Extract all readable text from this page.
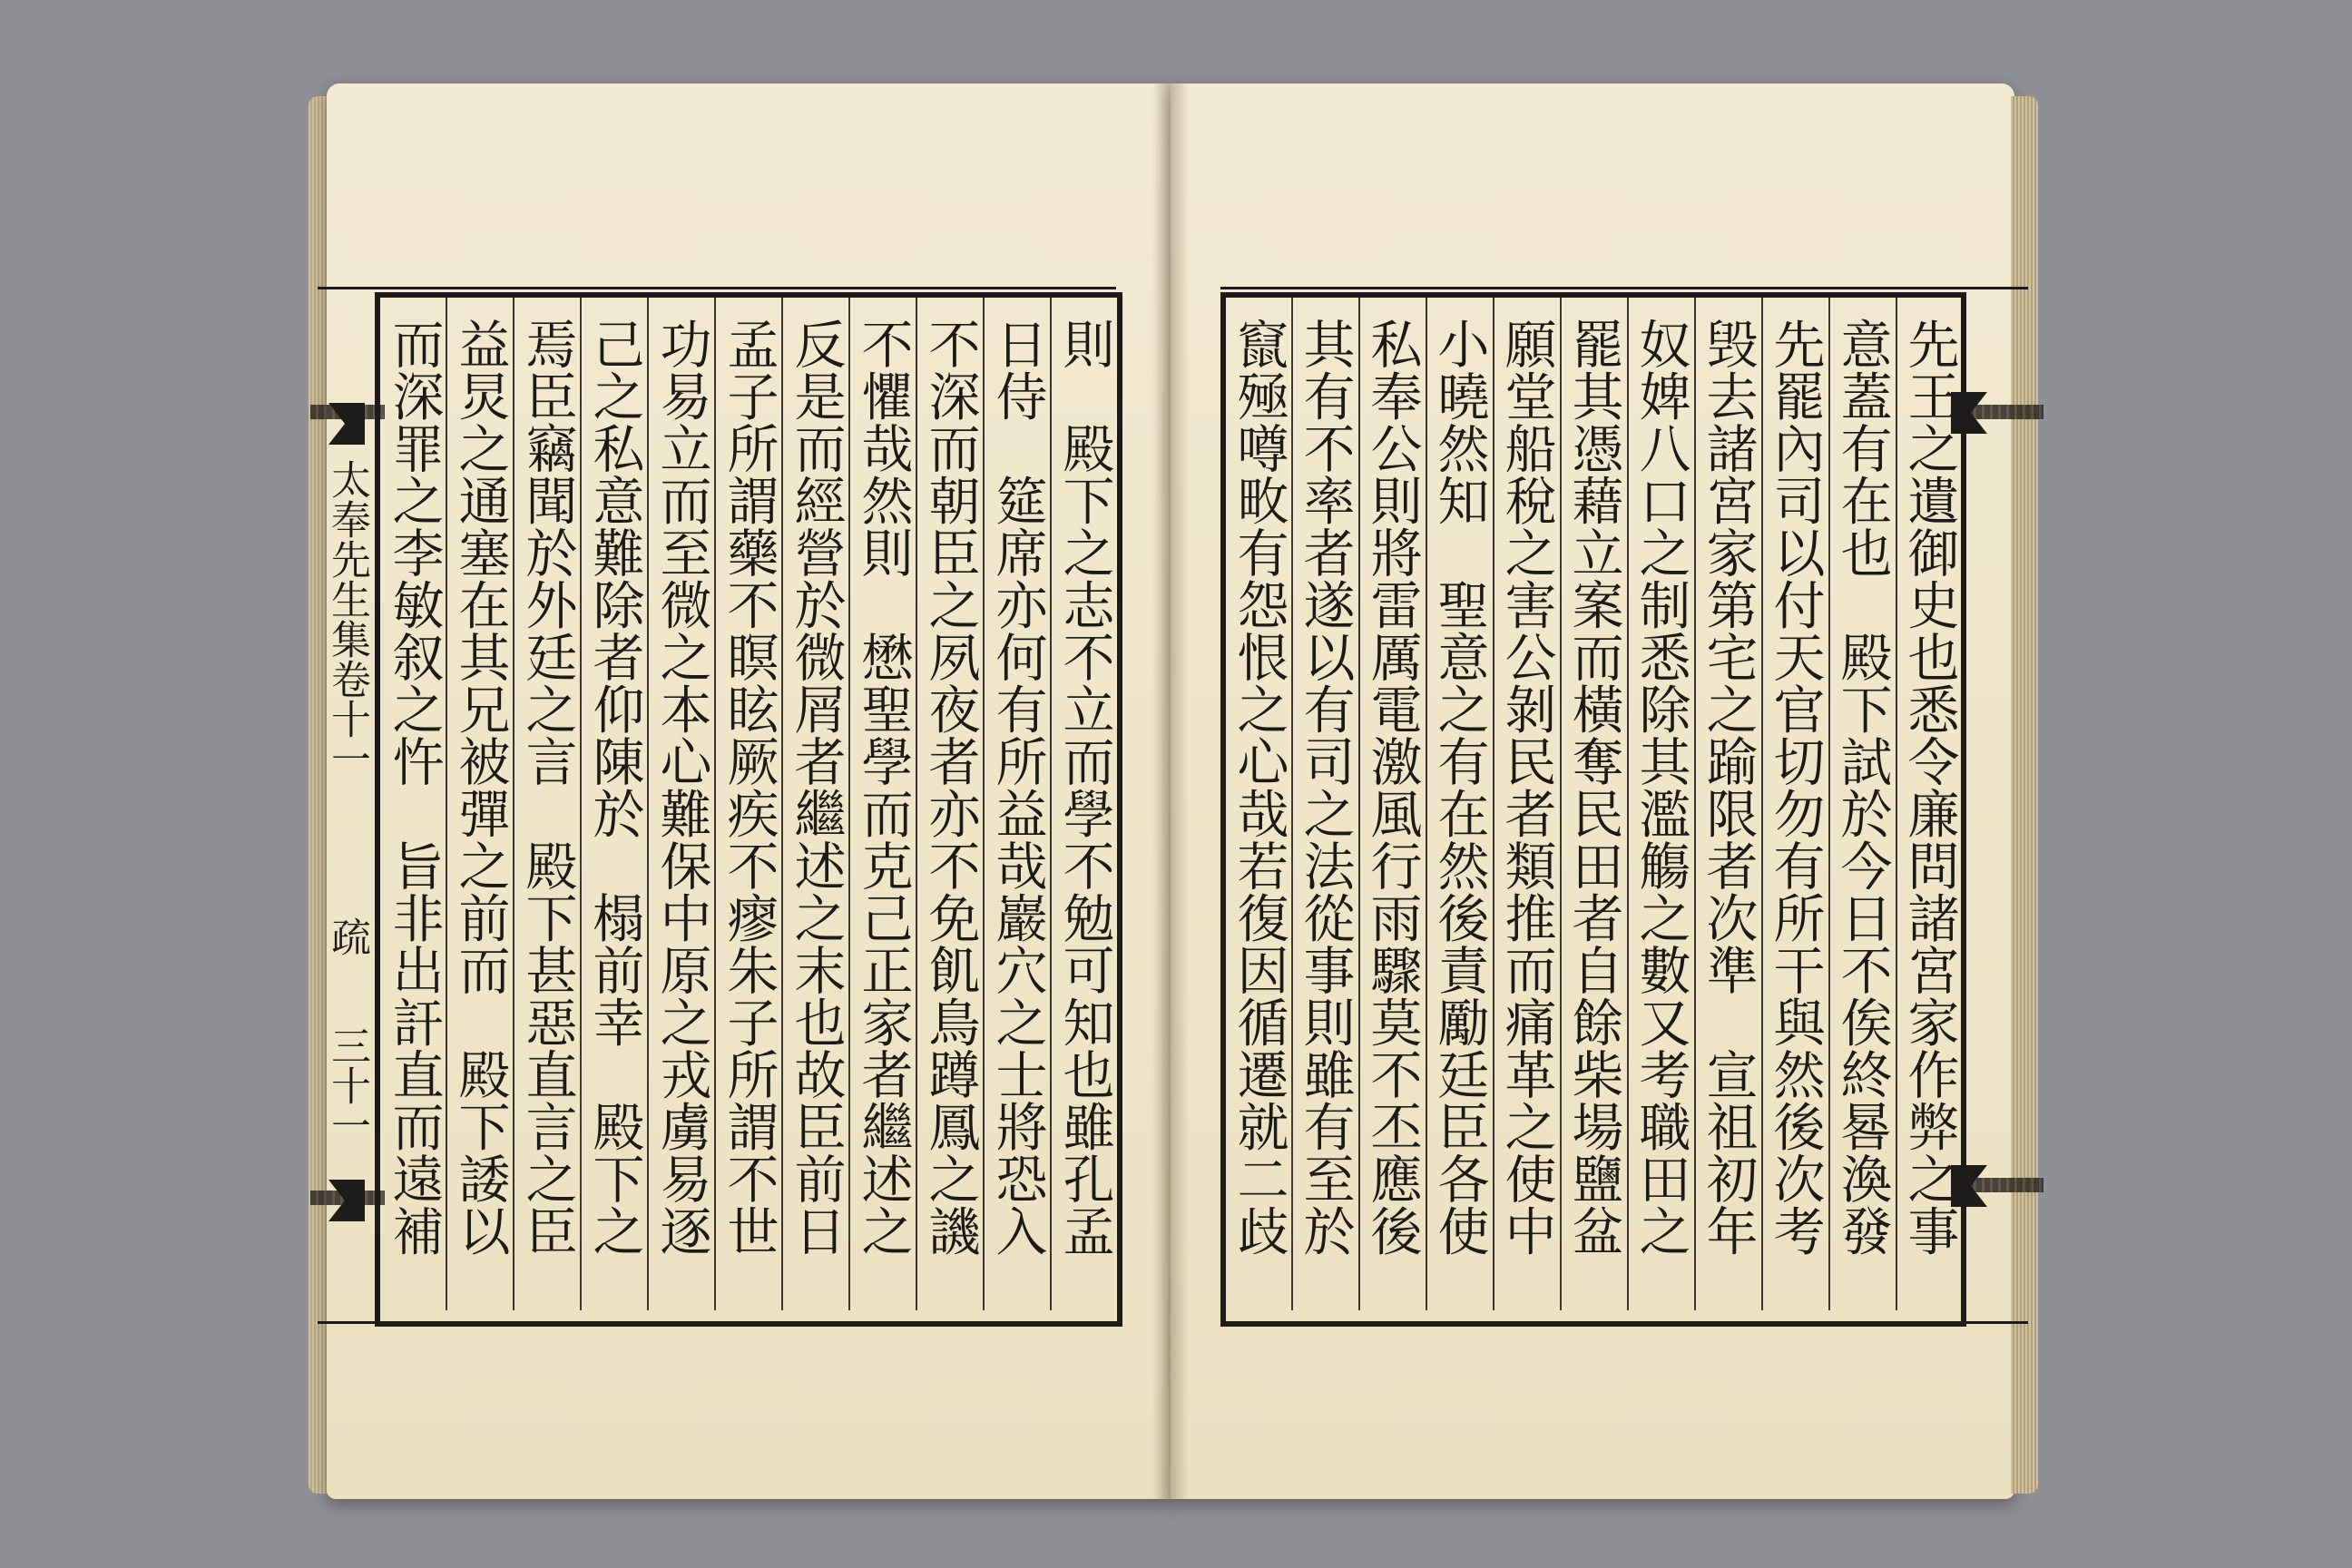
太奉先生集卷十一
疏
三十一
則　殿下之志不立而學不勉可知也雖孔孟
日侍　筵席亦何有所益哉巖穴之士將恐入
不深而朝臣之夙夜者亦不免飢鳥蹲鳳之譏
不懼哉然則　懋聖學而克己正家者繼述之
反是而經營於微屑者繼述之末也故臣前日
孟子所謂藥不瞑眩厥疾不瘳朱子所謂不世
功易立而至微之本心難保中原之戎虜易逐
己之私意難除者仰陳於　榻前幸　殿下之
焉臣竊聞於外廷之言　殿下甚惡直言之臣
益炅之通塞在其兄被彈之前而　殿下諉以
而深罪之李敏叙之忤　旨非出訐直而遠補
先王之遺御史也悉令廉問諸宮家作弊之事
意蓋有在也　殿下試於今日不俟終晷渙發
先罷內司以付天官切勿有所干與然後次考
毁去諸宮家第宅之踰限者次準　宣祖初年
奴婢八口之制悉除其濫觴之數又考職田之
罷其憑藉立案而橫奪民田者自餘柴場鹽盆
願堂船稅之害公剝民者類推而痛革之使中
小曉然知　聖意之有在然後責勵廷臣各使
私奉公則將雷厲電激風行雨驟莫不丕應後
其有不率者遂以有司之法從事則雖有至於
竄殛噂畋有怨恨之心哉若復因循遷就二歧
